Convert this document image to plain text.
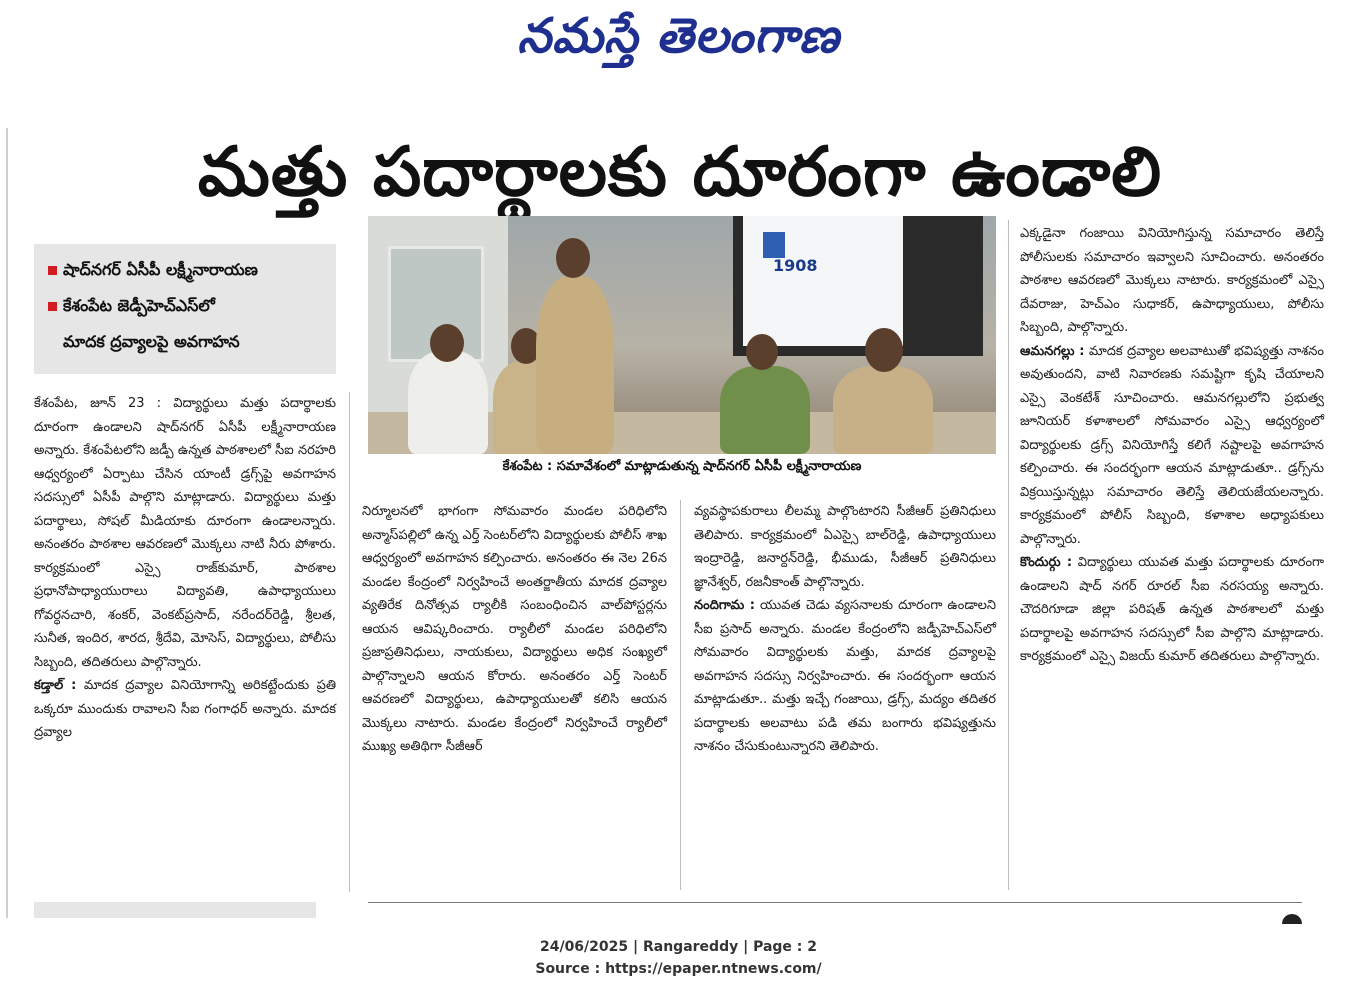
నమస్తే తెలంగాణ
మత్తు పదార్థాలకు దూరంగా ఉండాలి
షాద్‌నగర్ ఏసీపీ లక్ష్మీనారాయణ
కేశంపేట జెడ్పీహెచ్‌ఎస్‌లో
మాదక ద్రవ్యాలపై అవగాహన
1908
కేశంపేట : సమావేశంలో మాట్లాడుతున్న షాద్‌నగర్ ఏసీపీ లక్ష్మీనారాయణ

కేశంపేట, జూన్ 23 : విద్యార్థులు మత్తు పదార్థాలకు దూరంగా ఉండాలని షాద్‌నగర్ ఏసీపీ లక్ష్మీనారాయణ అన్నారు. కేశంపేటలోని జడ్పీ ఉన్నత పాఠశాలలో సీఐ నరహరి ఆధ్వర్యంలో ఏర్పాటు చేసిన యాంటీ డ్రగ్స్‌పై అవగాహన సదస్సులో ఏసీపీ పాల్గొని మాట్లాడారు. విద్యార్థులు మత్తు పదార్థాలు, సోషల్ మీడియాకు దూరంగా ఉండాలన్నారు. అనంతరం పాఠశాల ఆవరణలో మొక్కలు నాటి నీరు పోశారు. కార్యక్రమంలో ఎస్సై రాజ్‌కుమార్, పాఠశాల ప్రధానోపాధ్యాయురాలు విద్యావతి, ఉపాధ్యాయులు గోవర్ధనచారి, శంకర్, వెంకట్‌ప్రసాద్, నరేందర్‌రెడ్డి, శ్రీలత, సునీత, ఇందిర, శారద, శ్రీదేవి, మోసెస్, విద్యార్థులు, పోలీసు సిబ్బంది, తదితరులు పాల్గొన్నారు.

కడ్తాల్ : మాదక ద్రవ్యాల వినియోగాన్ని అరికట్టేందుకు ప్రతి ఒక్కరూ ముందుకు రావాలని సీఐ గంగాధర్ అన్నారు. మాదక ద్రవ్యాల

నిర్మూలనలో భాగంగా సోమవారం మండల పరిధిలోని అన్మాస్‌పల్లిలో ఉన్న ఎర్త్ సెంటర్‌లోని విద్యార్థులకు పోలీస్ శాఖ ఆధ్వర్యంలో అవగాహన కల్పించారు. అనంతరం ఈ నెల 26న మండల కేంద్రంలో నిర్వహించే అంతర్జాతీయ మాదక ద్రవ్యాల వ్యతిరేక దినోత్సవ ర్యాలీకి సంబంధించిన వాల్‌పోస్టర్లను ఆయన ఆవిష్కరించారు. ర్యాలీలో మండల పరిధిలోని ప్రజాప్రతినిధులు, నాయకులు, విద్యార్థులు అధిక సంఖ్యలో పాల్గొన్నాలని ఆయన కోరారు. అనంతరం ఎర్త్ సెంటర్ ఆవరణలో విద్యార్థులు, ఉపాధ్యాయులతో కలిసి ఆయన మొక్కలు నాటారు. మండల కేంద్రంలో నిర్వహించే ర్యాలీలో ముఖ్య అతిథిగా సీజీఆర్

వ్యవస్థాపకురాలు లీలమ్మ పాల్గొంటారని సీజీఆర్ ప్రతినిధులు తెలిపారు. కార్యక్రమంలో ఏఎస్సై బాల్‌రెడ్డి, ఉపాధ్యాయులు ఇంద్రారెడ్డి, జనార్దన్‌రెడ్డి, భీముడు, సీజీఆర్ ప్రతినిధులు జ్ఞానేశ్వర్, రజనీకాంత్ పాల్గొన్నారు.

నందిగామ : యువత చెడు వ్యసనాలకు దూరంగా ఉండాలని సీఐ ప్రసాద్ అన్నారు. మండల కేంద్రంలోని జడ్పీహెచ్‌ఎస్‌లో సోమవారం విద్యార్థులకు మత్తు, మాదక ద్రవ్యాలపై అవగాహన సదస్సు నిర్వహించారు. ఈ సందర్భంగా ఆయన మాట్లాడుతూ.. మత్తు ఇచ్చే గంజాయి, డ్రగ్స్, మద్యం తదితర పదార్థాలకు అలవాటు పడి తమ బంగారు భవిష్యత్తును నాశనం చేసుకుంటున్నారని తెలిపారు.

ఎక్కడైనా గంజాయి వినియోగిస్తున్న సమాచారం తెలిస్తే పోలీసులకు సమాచారం ఇవ్వాలని సూచించారు. అనంతరం పాఠశాల ఆవరణలో మొక్కలు నాటారు. కార్యక్రమంలో ఎస్సై దేవరాజు, హెచ్‌ఎం సుధాకర్, ఉపాధ్యాయులు, పోలీసు సిబ్బంది, పాల్గొన్నారు.

ఆమనగల్లు : మాదక ద్రవ్యాల అలవాటుతో భవిష్యత్తు నాశనం అవుతుందని, వాటి నివారణకు సమష్టిగా కృషి చేయాలని ఎస్సై వెంకటేశ్ సూచించారు. ఆమనగల్లులోని ప్రభుత్వ జూనియర్ కళాశాలలో సోమవారం ఎస్సై ఆధ్వర్యంలో విద్యార్థులకు డ్రగ్స్ వినియోగిస్తే కలిగే నష్టాలపై అవగాహన కల్పించారు. ఈ సందర్భంగా ఆయన మాట్లాడుతూ.. డ్రగ్స్‌ను విక్రయిస్తున్నట్లు సమాచారం తెలిస్తే తెలియజేయలన్నారు. కార్యక్రమంలో పోలీస్ సిబ్బంది, కళాశాల అధ్యాపకులు పాల్గొన్నారు.

కొందుర్గు : విద్యార్థులు యువత మత్తు పదార్థాలకు దూరంగా ఉండాలని షాద్ నగర్ రూరల్ సీఐ నరసయ్య అన్నారు. చౌదరిగూడా జిల్లా పరిషత్ ఉన్నత పాఠశాలలో మత్తు పదార్థాలపై అవగాహన సదస్సులో సీఐ పాల్గొని మాట్లాడారు. కార్యక్రమంలో ఎస్సై విజయ్ కుమార్ తదితరులు పాల్గొన్నారు.

24/06/2025 | Rangareddy | Page : 2
Source : https://epaper.ntnews.com/
